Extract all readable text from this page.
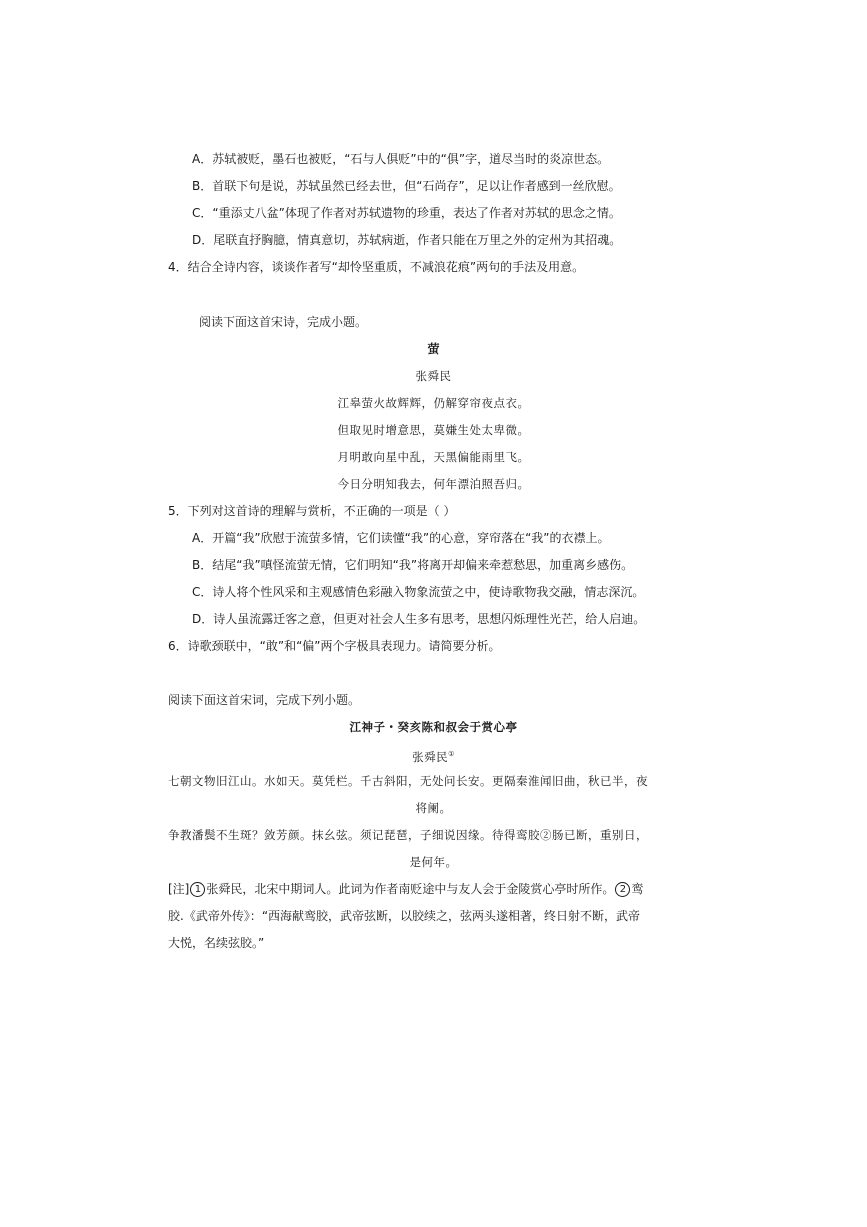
A．苏轼被贬，墨石也被贬，“石与人俱贬”中的“俱”字，道尽当时的炎凉世态。
B．首联下句是说，苏轼虽然已经去世，但“石尚存”，足以让作者感到一丝欣慰。
C．“重添丈八盆”体现了作者对苏轼遗物的珍重，表达了作者对苏轼的思念之情。
D．尾联直抒胸臆，情真意切，苏轼病逝，作者只能在万里之外的定州为其招魂。
4．结合全诗内容，谈谈作者写“却怜坚重质，不减浪花痕”两句的手法及用意。
阅读下面这首宋诗，完成小题。
萤
张舜民
江皋萤火故辉辉，仍解穿帘夜点衣。
但取见时增意思，莫嫌生处太卑微。
月明敢向星中乱，天黑偏能雨里飞。
今日分明知我去，何年漂泊照吾归。
5．下列对这首诗的理解与赏析，不正确的一项是（ ）
A．开篇“我”欣慰于流萤多情，它们读懂“我”的心意，穿帘落在“我”的衣襟上。
B．结尾“我”嗔怪流萤无情，它们明知“我”将离开却偏来牵惹愁思，加重离乡感伤。
C．诗人将个性风采和主观感情色彩融入物象流萤之中，使诗歌物我交融，情志深沉。
D．诗人虽流露迁客之意，但更对社会人生多有思考，思想闪烁理性光芒，给人启迪。
6．诗歌颈联中，“敢”和“偏”两个字极具表现力。请简要分析。
阅读下面这首宋词，完成下列小题。
江神子・癸亥陈和叔会于赏心亭
张舜民①
七朝文物旧江山。水如天。莫凭栏。千古斜阳，无处问长安。更隔秦淮闻旧曲，秋已半，夜
将阑。
争教潘鬓不生斑？敛芳颜。抹幺弦。须记琵琶，子细说因缘。待得鸾胶②肠已断，重别日，
是何年。
[注] 1 张舜民，北宋中期词人。此词为作者南贬途中与友人会于金陵赏心亭时所作。 2 鸾
胶.《武帝外传》：“西海献鸾胶，武帝弦断，以胶续之，弦两头遂相著，终日射不断，武帝
大悦，名续弦胶。”
